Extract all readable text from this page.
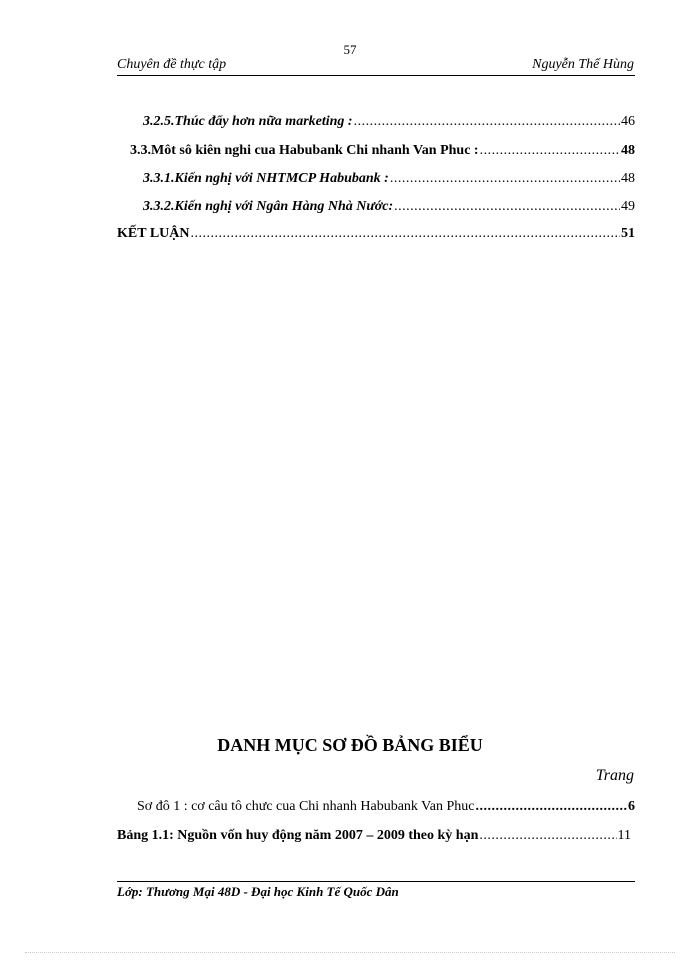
57
Chuyên đề thực tập	Nguyễn Thế Hùng
3.2.5.Thúc đẩy hơn nữa marketing : .....	46
3.3.Môt sô kiên nghi cua Habubank Chi nhanh Van Phuc : .....	48
3.3.1.Kiến nghị với NHTMCP Habubank : .....	48
3.3.2.Kiến nghị với Ngân Hàng Nhà Nước: .....	49
KẾT LUẬN .....	51
DANH MỤC SƠ ĐỒ BẢNG BIỂU
Trang
Sơ đô 1 : cơ câu tô chưc cua Chi nhanh Habubank Van Phuc .....	6
Bảng 1.1: Nguồn vốn huy động năm 2007 – 2009 theo kỳ hạn .....	11
Lớp: Thương Mại 48D - Đại học Kinh Tế Quốc Dân
